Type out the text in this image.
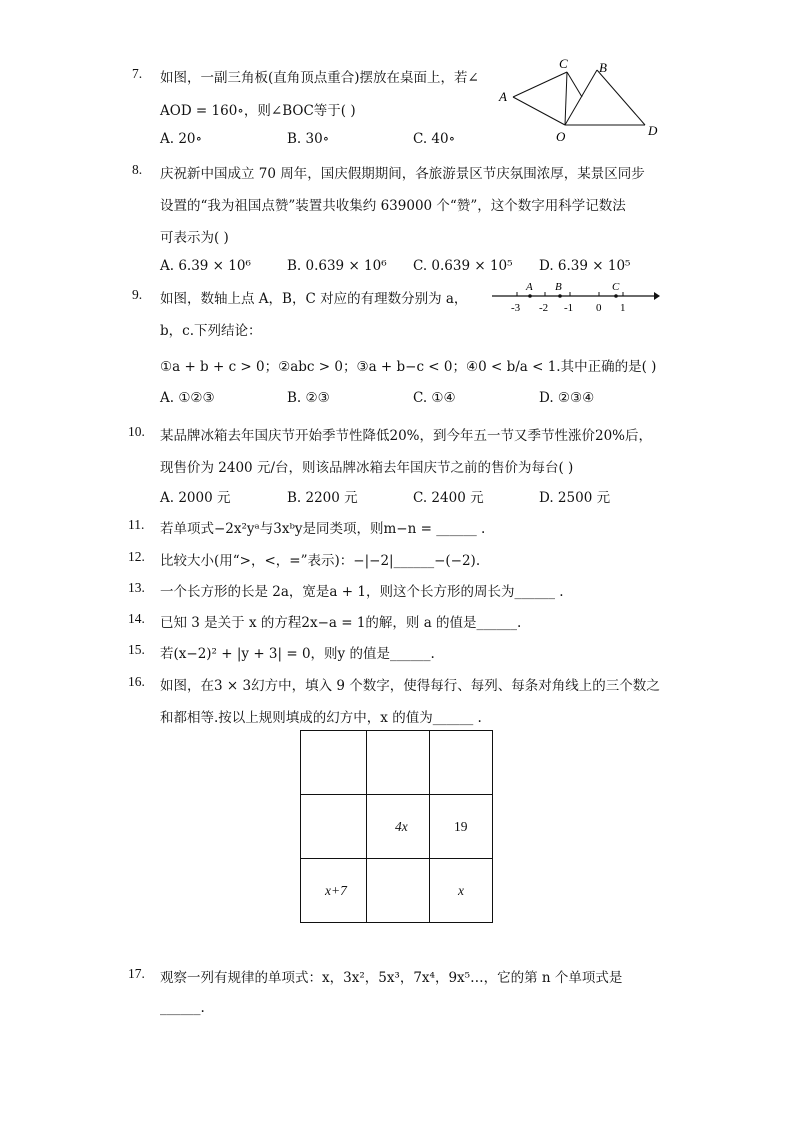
7. 如图，一副三角板(直角顶点重合)摆放在桌面上，若∠
AOD = 160∘，则∠BOC等于( )
A. 20∘	B. 30∘	C. 40∘
A
C B
O	D
8. 庆祝新中国成立 70 周年，国庆假期期间，各旅游景区节庆氛围浓厚，某景区同步
设置的“我为祖国点赞”装置共收集约 639000 个“赞”，这个数字用科学记数法
可表示为( )
A. 6.39 × 10⁶	B. 0.639 × 10⁶ C. 0.639 × 10⁵ D. 6.39 × 10⁵
9. 如图，数轴上点 A，B，C 对应的有理数分别为 a，
b，c.下列结论：
①a + b + c > 0；②abc > 0；③a + b−c < 0；④0 < b/a < 1.其中正确的是( )
A. ①②③	B. ②③	C. ①④	D. ②③④
A B	C
-3 -2 -1 0 1
10. 某品牌冰箱去年国庆节开始季节性降低20%，到今年五一节又季节性涨价20%后，
现售价为 2400 元/台，则该品牌冰箱去年国庆节之前的售价为每台( )
A. 2000 元	B. 2200 元	C. 2400 元	D. 2500 元
11. 若单项式−2x²yᵃ与3xᵇy是同类项，则m−n = ______ .
12. 比较大小(用“>，<，=”表示)：−|−2|______−(−2).
13. 一个长方形的长是 2a，宽是a + 1，则这个长方形的周长为______ .
14. 已知 3 是关于 x 的方程2x−a = 1的解，则 a 的值是______.
15. 若(x−2)² + |y + 3| = 0，则y 的值是______.
16. 如图，在3 × 3幻方中，填入 9 个数字，使得每行、每列、每条对角线上的三个数之
和都相等.按以上规则填成的幻方中，x 的值为______ .

	4x	19
x+7		x
17. 观察一列有规律的单项式：x，3x²，5x³，7x⁴，9x⁵…，它的第 n 个单项式是
______.
